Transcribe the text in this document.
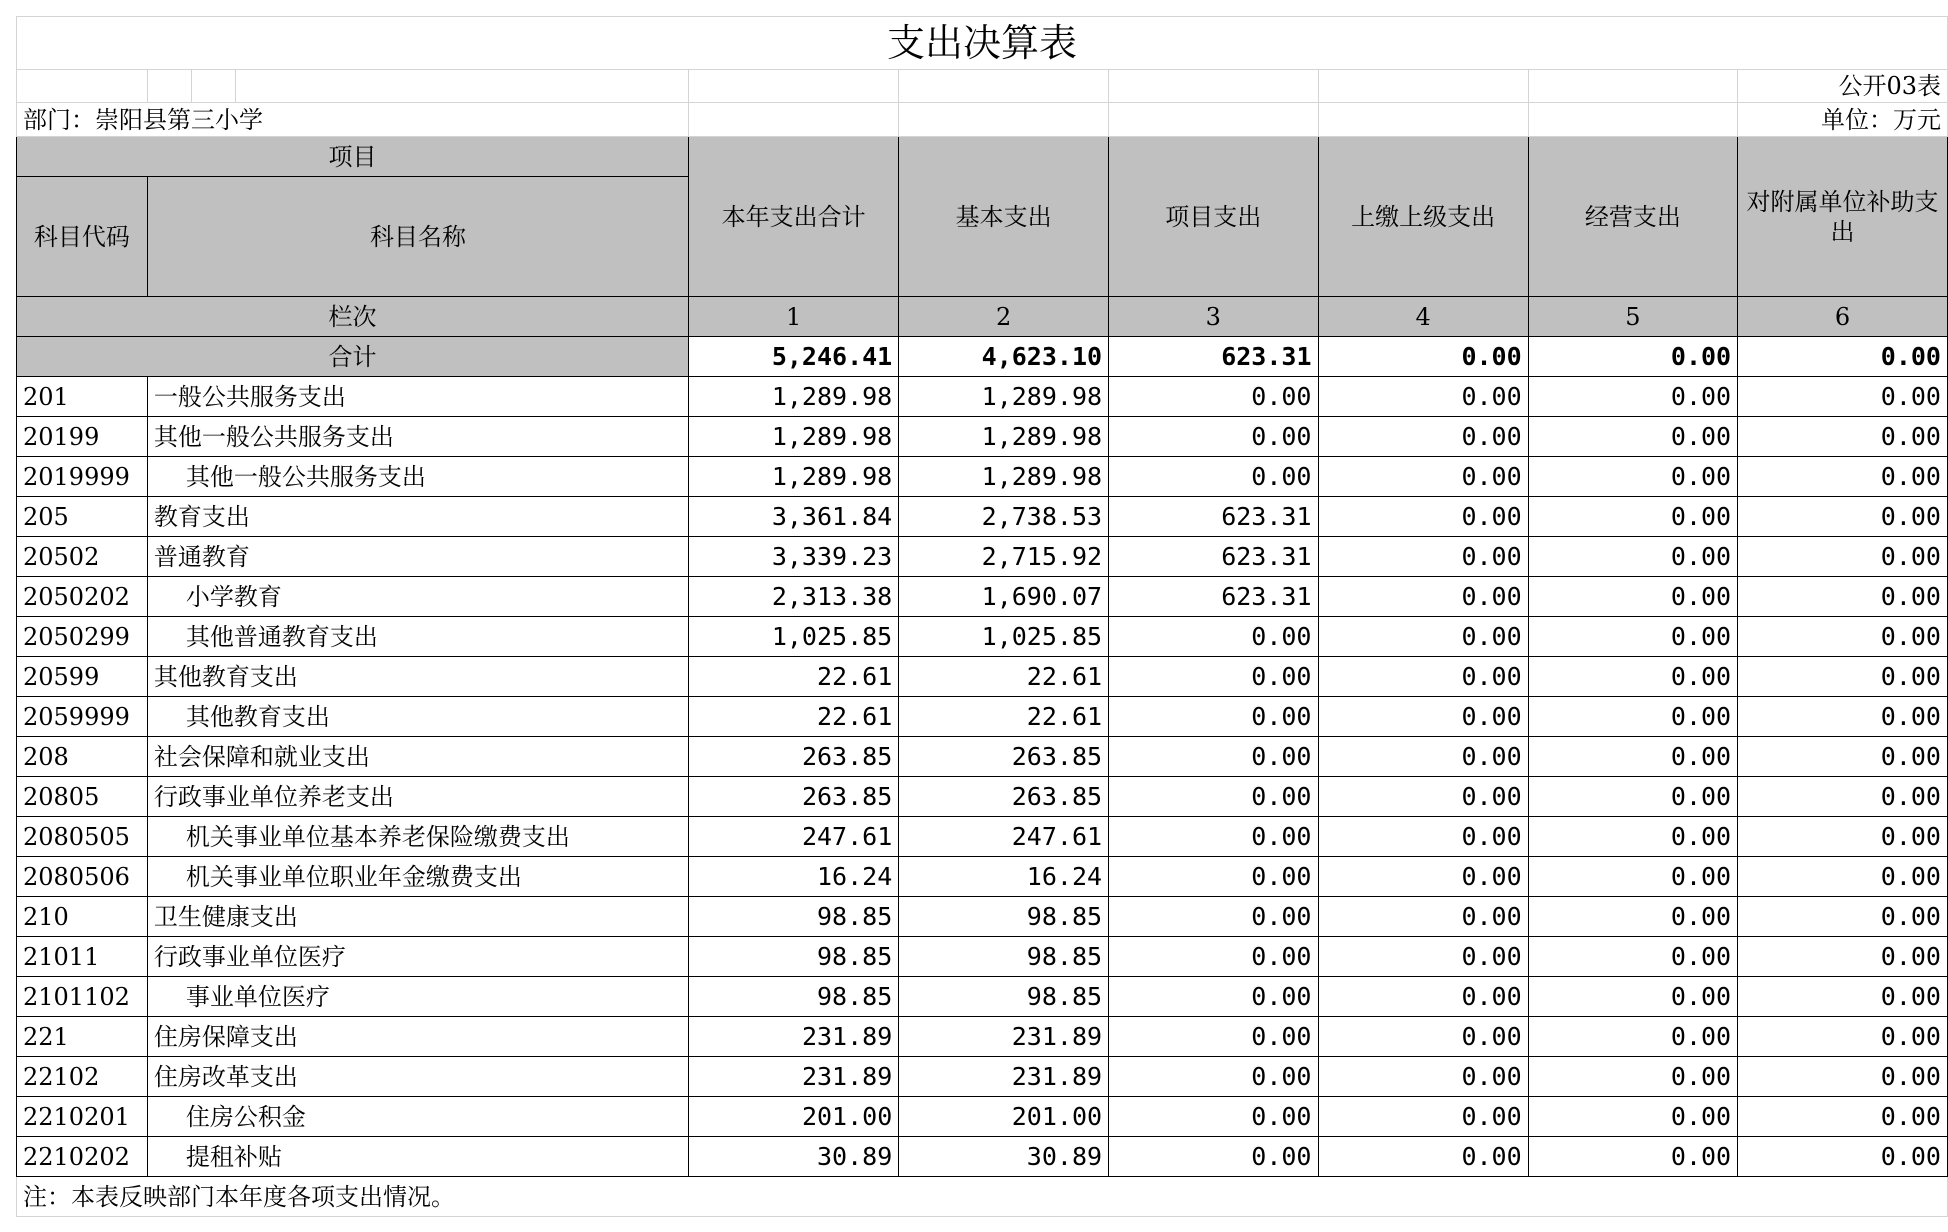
支出决算表									
									公开03表
部门：崇阳县第三小学									单位：万元
项目				本年支出合计	基本支出	项目支出	上缴上级支出	经营支出	对附属单位补助支出
科目代码	科目名称								
栏次				1	2	3	4	5	6
合计				5,246.41	4,623.10	623.31	0.00	0.00	0.00
201	一般公共服务支出			1,289.98	1,289.98	0.00	0.00	0.00	0.00
20199	其他一般公共服务支出			1,289.98	1,289.98	0.00	0.00	0.00	0.00
2019999	其他一般公共服务支出			1,289.98	1,289.98	0.00	0.00	0.00	0.00
205	教育支出			3,361.84	2,738.53	623.31	0.00	0.00	0.00
20502	普通教育			3,339.23	2,715.92	623.31	0.00	0.00	0.00
2050202	小学教育			2,313.38	1,690.07	623.31	0.00	0.00	0.00
2050299	其他普通教育支出			1,025.85	1,025.85	0.00	0.00	0.00	0.00
20599	其他教育支出			22.61	22.61	0.00	0.00	0.00	0.00
2059999	其他教育支出			22.61	22.61	0.00	0.00	0.00	0.00
208	社会保障和就业支出			263.85	263.85	0.00	0.00	0.00	0.00
20805	行政事业单位养老支出			263.85	263.85	0.00	0.00	0.00	0.00
2080505	机关事业单位基本养老保险缴费支出			247.61	247.61	0.00	0.00	0.00	0.00
2080506	机关事业单位职业年金缴费支出			16.24	16.24	0.00	0.00	0.00	0.00
210	卫生健康支出			98.85	98.85	0.00	0.00	0.00	0.00
21011	行政事业单位医疗			98.85	98.85	0.00	0.00	0.00	0.00
2101102	事业单位医疗			98.85	98.85	0.00	0.00	0.00	0.00
221	住房保障支出			231.89	231.89	0.00	0.00	0.00	0.00
22102	住房改革支出			231.89	231.89	0.00	0.00	0.00	0.00
2210201	住房公积金			201.00	201.00	0.00	0.00	0.00	0.00
2210202	提租补贴			30.89	30.89	0.00	0.00	0.00	0.00
注：本表反映部门本年度各项支出情况。									
